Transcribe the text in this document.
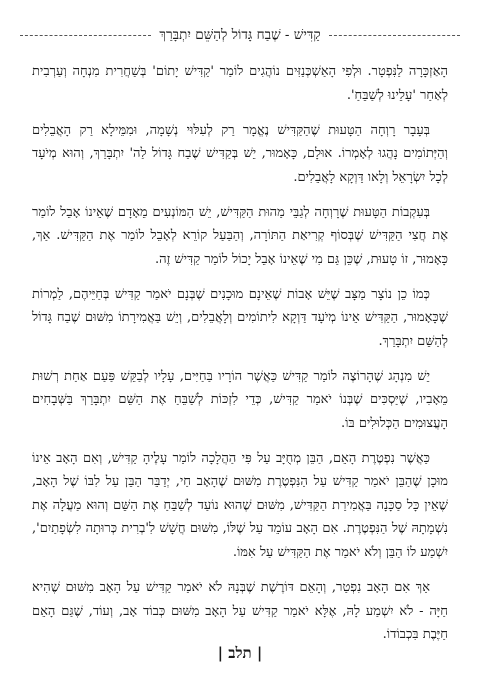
קַדִּישׁ - שֶׁבַח גָּדוֹל לְהַשֵּׁם יִתְבָּרַךְ

הָאַזְכָּרָה לַנִּפְטָר. וּלְפִי הָאַשְׁכְּנַזִּים נוֹהֲגִים לוֹמַר 'קַדִּישׁ יָתוֹם' בְּשַׁחֲרִית מִנְחָה וְעַרְבִית לְאַחַר 'עָלֵינוּ לְשַׁבֵּחַ'.

בְּעָבָר רָוְחָה הַטָּעוּת שֶׁהַקַּדִּישׁ נֶאֱמָר רַק לְעִלּוּי נְשָׁמָה, וּמִמֵּילָא רַק הָאֲבֵלִים וְהַיְּתוֹמִים נָהֲגוּ לְאָמְרוֹ. אוּלָם, כָּאָמוּר, יֵשׁ בְּקַדִּישׁ שֶׁבַח גָּדוֹל לַה' יִתְבָּרַךְ, וְהוּא מְיֹעָד לְכָל יִשְׂרָאֵל וְלָאו דַּוְקָא לָאֲבֵלִים.

בְּעִקְבוֹת הַטָּעוּת שֶׁרָוְחָה לְגַבֵּי מַהוּת הַקַּדִּישׁ, יֵשׁ הַמּוֹנְעִים מֵאָדָם שֶׁאֵינוֹ אָבֵל לוֹמַר אֶת חֲצִי הַקַּדִּישׁ שֶׁבְּסוֹף קְרִיאַת הַתּוֹרָה, וְהַבַּעַל קוֹרֵא לְאָבֵל לוֹמַר אֶת הַקַּדִּישׁ. אַךְ, כָּאָמוּר, זוֹ טָעוּת, שֶׁכֵּן גַּם מִי שֶׁאֵינוֹ אָבֵל יָכוֹל לוֹמַר קַדִּישׁ זֶה.

כְּמוֹ כֵן נוֹצָר מַצָּב שֶׁיֵּשׁ אָבוֹת שֶׁאֵינָם מוּכָנִים שֶׁבְּנָם יֹאמַר קַדִּישׁ בְּחַיֵּיהֶם, לַמְרוֹת שֶׁכָּאָמוּר, הַקַּדִּישׁ אֵינוֹ מְיֹעָד דַּוְקָא לִיתוֹמִים וְלָאֲבֵלִים, וְיֵשׁ בַּאֲמִירָתוֹ מִשּׁוּם שֶׁבַח גָּדוֹל לְהַשֵּׁם יִתְבָּרַךְ.

יֵשׁ מִנְהָג שֶׁהָרוֹצֶה לוֹמַר קַדִּישׁ כַּאֲשֶׁר הוֹרָיו בַּחַיִּים, עָלָיו לְבַקֵּשׁ פַּעַם אַחַת רְשׁוּת מֵאָבִיו, שֶׁיַּסְכִּים שֶׁבְּנוֹ יֹאמַר קַדִּישׁ, כְּדֵי לִזְכּוֹת לְשַׁבֵּחַ אֶת הַשֵּׁם יִתְבָּרַךְ בַּשְּׁבָחִים הָעֲצוּמִים הַכְּלוּלִים בּוֹ.

כַּאֲשֶׁר נִפְטֶרֶת הָאֵם, הַבֵּן מְחֻיָּב עַל פִּי הַהֲלָכָה לוֹמַר עָלֶיהָ קַדִּישׁ, וְאִם הָאָב אֵינוֹ מוּכָן שֶׁהַבֵּן יֹאמַר קַדִּישׁ עַל הַנִּפְטֶרֶת מִשּׁוּם שֶׁהָאָב חַי, יְדַבֵּר הַבֵּן עַל לִבּוֹ שֶׁל הָאָב, שֶׁאֵין כָּל סַכָּנָה בַּאֲמִירַת הַקַּדִּישׁ, מִשּׁוּם שֶׁהוּא נוֹעַד לְשַׁבֵּחַ אֶת הַשֵּׁם וְהוּא מַעֲלָה אֶת נִשְׁמָתָהּ שֶׁל הַנִּפְטֶרֶת. אִם הָאָב עוֹמֵד עַל שֶׁלּוֹ, מִשּׁוּם חֲשָׁשׁ לִ'בְרִית כְּרוּתָה לִשְׂפָתַיִם', יִשְׁמַע לוֹ הַבֵּן וְלֹא יֹאמַר אֶת הַקַּדִּישׁ עַל אִמּוֹ.

אַךְ אִם הָאָב נִפְטַר, וְהָאֵם דּוֹרֶשֶׁת שֶׁבְּנָהּ לֹא יֹאמַר קַדִּישׁ עַל הָאָב מִשּׁוּם שֶׁהִיא חַיָּה - לֹא יִשְׁמַע לָהּ, אֶלָּא יֹאמַר קַדִּישׁ עַל הָאָב מִשּׁוּם כְּבוֹד אָב, וְעוֹד, שֶׁגַּם הָאֵם חַיֶּבֶת בִּכְבוֹדוֹ.

| תלב |
